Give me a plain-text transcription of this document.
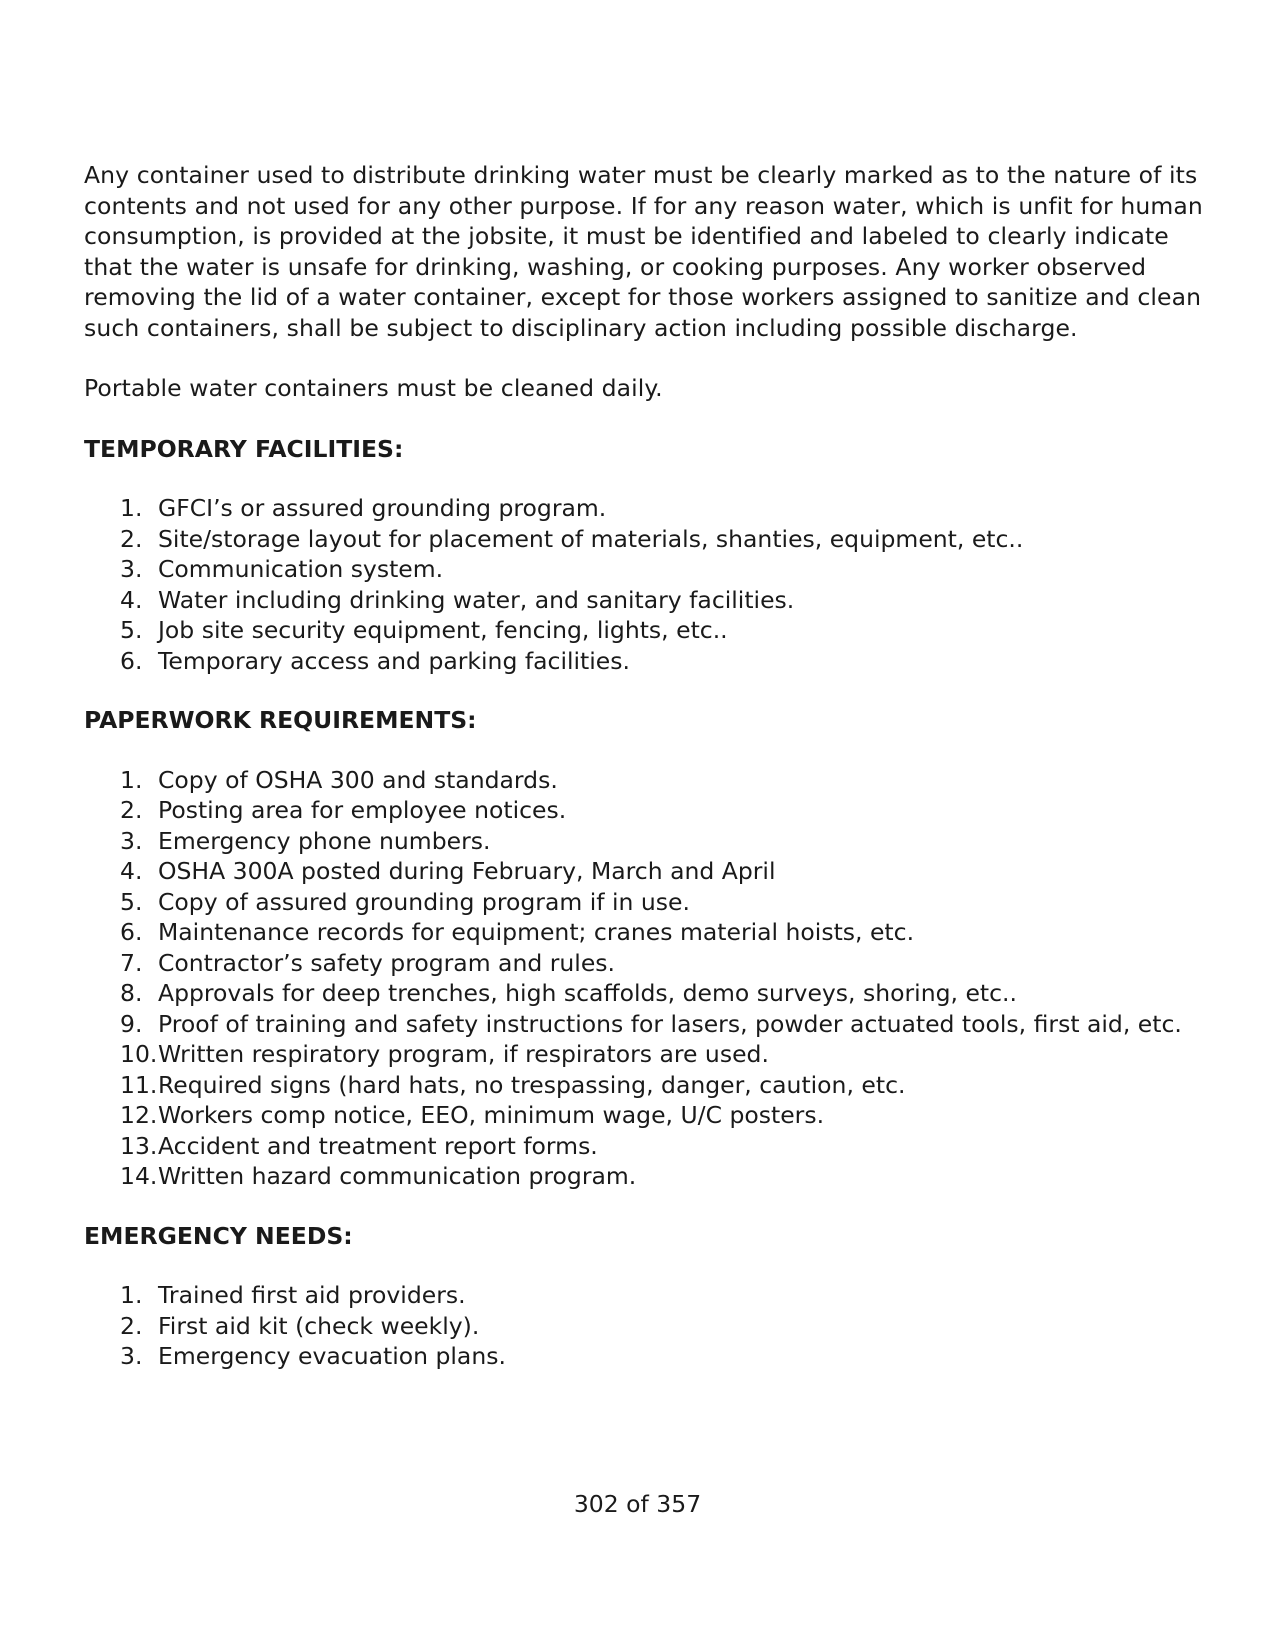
Any container used to distribute drinking water must be clearly marked as to the nature of its contents and not used for any other purpose. If for any reason water, which is unfit for human consumption, is provided at the jobsite, it must be identified and labeled to clearly indicate that the water is unsafe for drinking, washing, or cooking purposes. Any worker observed removing the lid of a water container, except for those workers assigned to sanitize and clean such containers, shall be subject to disciplinary action including possible discharge.

Portable water containers must be cleaned daily.

TEMPORARY FACILITIES:
1. GFCI’s or assured grounding program.
2. Site/storage layout for placement of materials, shanties, equipment, etc..
3. Communication system.
4. Water including drinking water, and sanitary facilities.
5. Job site security equipment, fencing, lights, etc..
6. Temporary access and parking facilities.
PAPERWORK REQUIREMENTS:
1. Copy of OSHA 300 and standards.
2. Posting area for employee notices.
3. Emergency phone numbers.
4. OSHA 300A posted during February, March and April
5. Copy of assured grounding program if in use.
6. Maintenance records for equipment; cranes material hoists, etc.
7. Contractor’s safety program and rules.
8. Approvals for deep trenches, high scaffolds, demo surveys, shoring, etc..
9. Proof of training and safety instructions for lasers, powder actuated tools, first aid, etc.
10. Written respiratory program, if respirators are used.
11. Required signs (hard hats, no trespassing, danger, caution, etc.
12. Workers comp notice, EEO, minimum wage, U/C posters.
13. Accident and treatment report forms.
14. Written hazard communication program.
EMERGENCY NEEDS:
1. Trained first aid providers.
2. First aid kit (check weekly).
3. Emergency evacuation plans.
302 of 357
